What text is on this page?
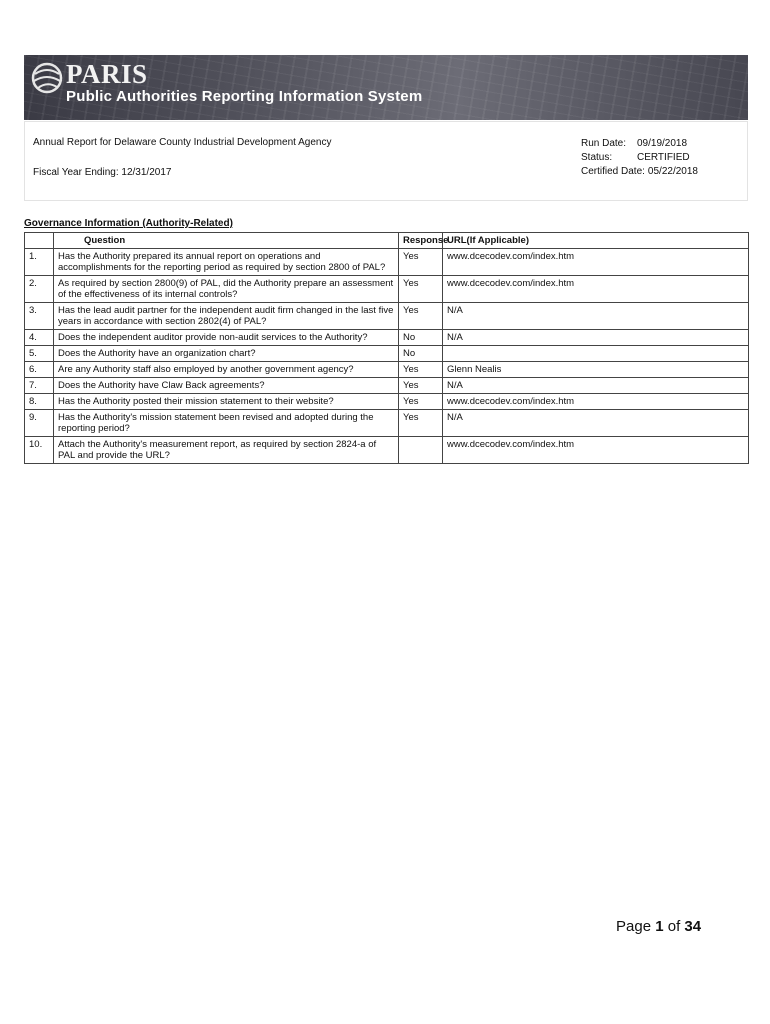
PARIS
Public Authorities Reporting Information System
Annual Report for Delaware County Industrial Development Agency
Fiscal Year Ending: 12/31/2017
Run Date: 09/19/2018
Status:	CERTIFIED
Certified Date: 05/22/2018
Governance Information (Authority-Related)
	Question	Response	URL(If Applicable)
1.	Has the Authority prepared its annual report on operations and accomplishments for the reporting period as required by section 2800 of PAL?	Yes	www.dcecodev.com/index.htm
2.	As required by section 2800(9) of PAL, did the Authority prepare an assessment of the effectiveness of its internal controls?	Yes	www.dcecodev.com/index.htm
3.	Has the lead audit partner for the independent audit firm changed in the last five years in accordance with section 2802(4) of PAL?	Yes	N/A
4.	Does the independent auditor provide non-audit services to the Authority?	No	N/A
5.	Does the Authority have an organization chart?	No	
6.	Are any Authority staff also employed by another government agency?	Yes	Glenn Nealis
7.	Does the Authority have Claw Back agreements?	Yes	N/A
8.	Has the Authority posted their mission statement to their website?	Yes	www.dcecodev.com/index.htm
9.	Has the Authority's mission statement been revised and adopted during the reporting period?	Yes	N/A
10.	Attach the Authority's measurement report, as required by section 2824-a of PAL and provide the URL?		www.dcecodev.com/index.htm
Page 1 of 34
